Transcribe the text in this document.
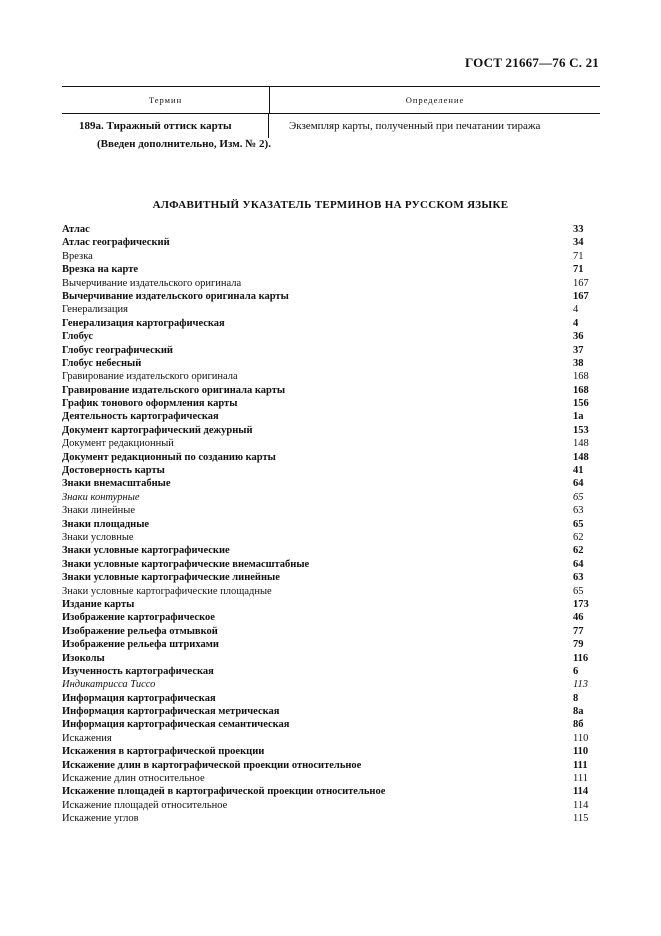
ГОСТ 21667—76 С. 21
Термин	Определение
189а. Тиражный оттиск карты	Экземпляр карты, полученный при печатании тиража
(Введен дополнительно, Изм. № 2).
АЛФАВИТНЫЙ УКАЗАТЕЛЬ ТЕРМИНОВ НА РУССКОМ ЯЗЫКЕ
Атлас	33
Атлас географический	34
Врезка	71
Врезка на карте	71
Вычерчивание издательского оригинала	167
Вычерчивание издательского оригинала карты	167
Генерализация	4
Генерализация картографическая	4
Глобус	36
Глобус географический	37
Глобус небесный	38
Гравирование издательского оригинала	168
Гравирование издательского оригинала карты	168
График тонового оформления карты	156
Деятельность картографическая	1а
Документ картографический дежурный	153
Документ редакционный	148
Документ редакционный по созданию карты	148
Достоверность карты	41
Знаки внемасштабные	64
Знаки контурные	65
Знаки линейные	63
Знаки площадные	65
Знаки условные	62
Знаки условные картографические	62
Знаки условные картографические внемасштабные	64
Знаки условные картографические линейные	63
Знаки условные картографические площадные	65
Издание карты	173
Изображение картографическое	46
Изображение рельефа отмывкой	77
Изображение рельефа штрихами	79
Изоколы	116
Изученность картографическая	6
Индикатрисса Тиссо	113
Информация картографическая	8
Информация картографическая метрическая	8а
Информация картографическая семантическая	8б
Искажения	110
Искажения в картографической проекции	110
Искажение длин в картографической проекции относительное	111
Искажение длин относительное	111
Искажение площадей в картографической проекции относительное	114
Искажение площадей относительное	114
Искажение углов	115
